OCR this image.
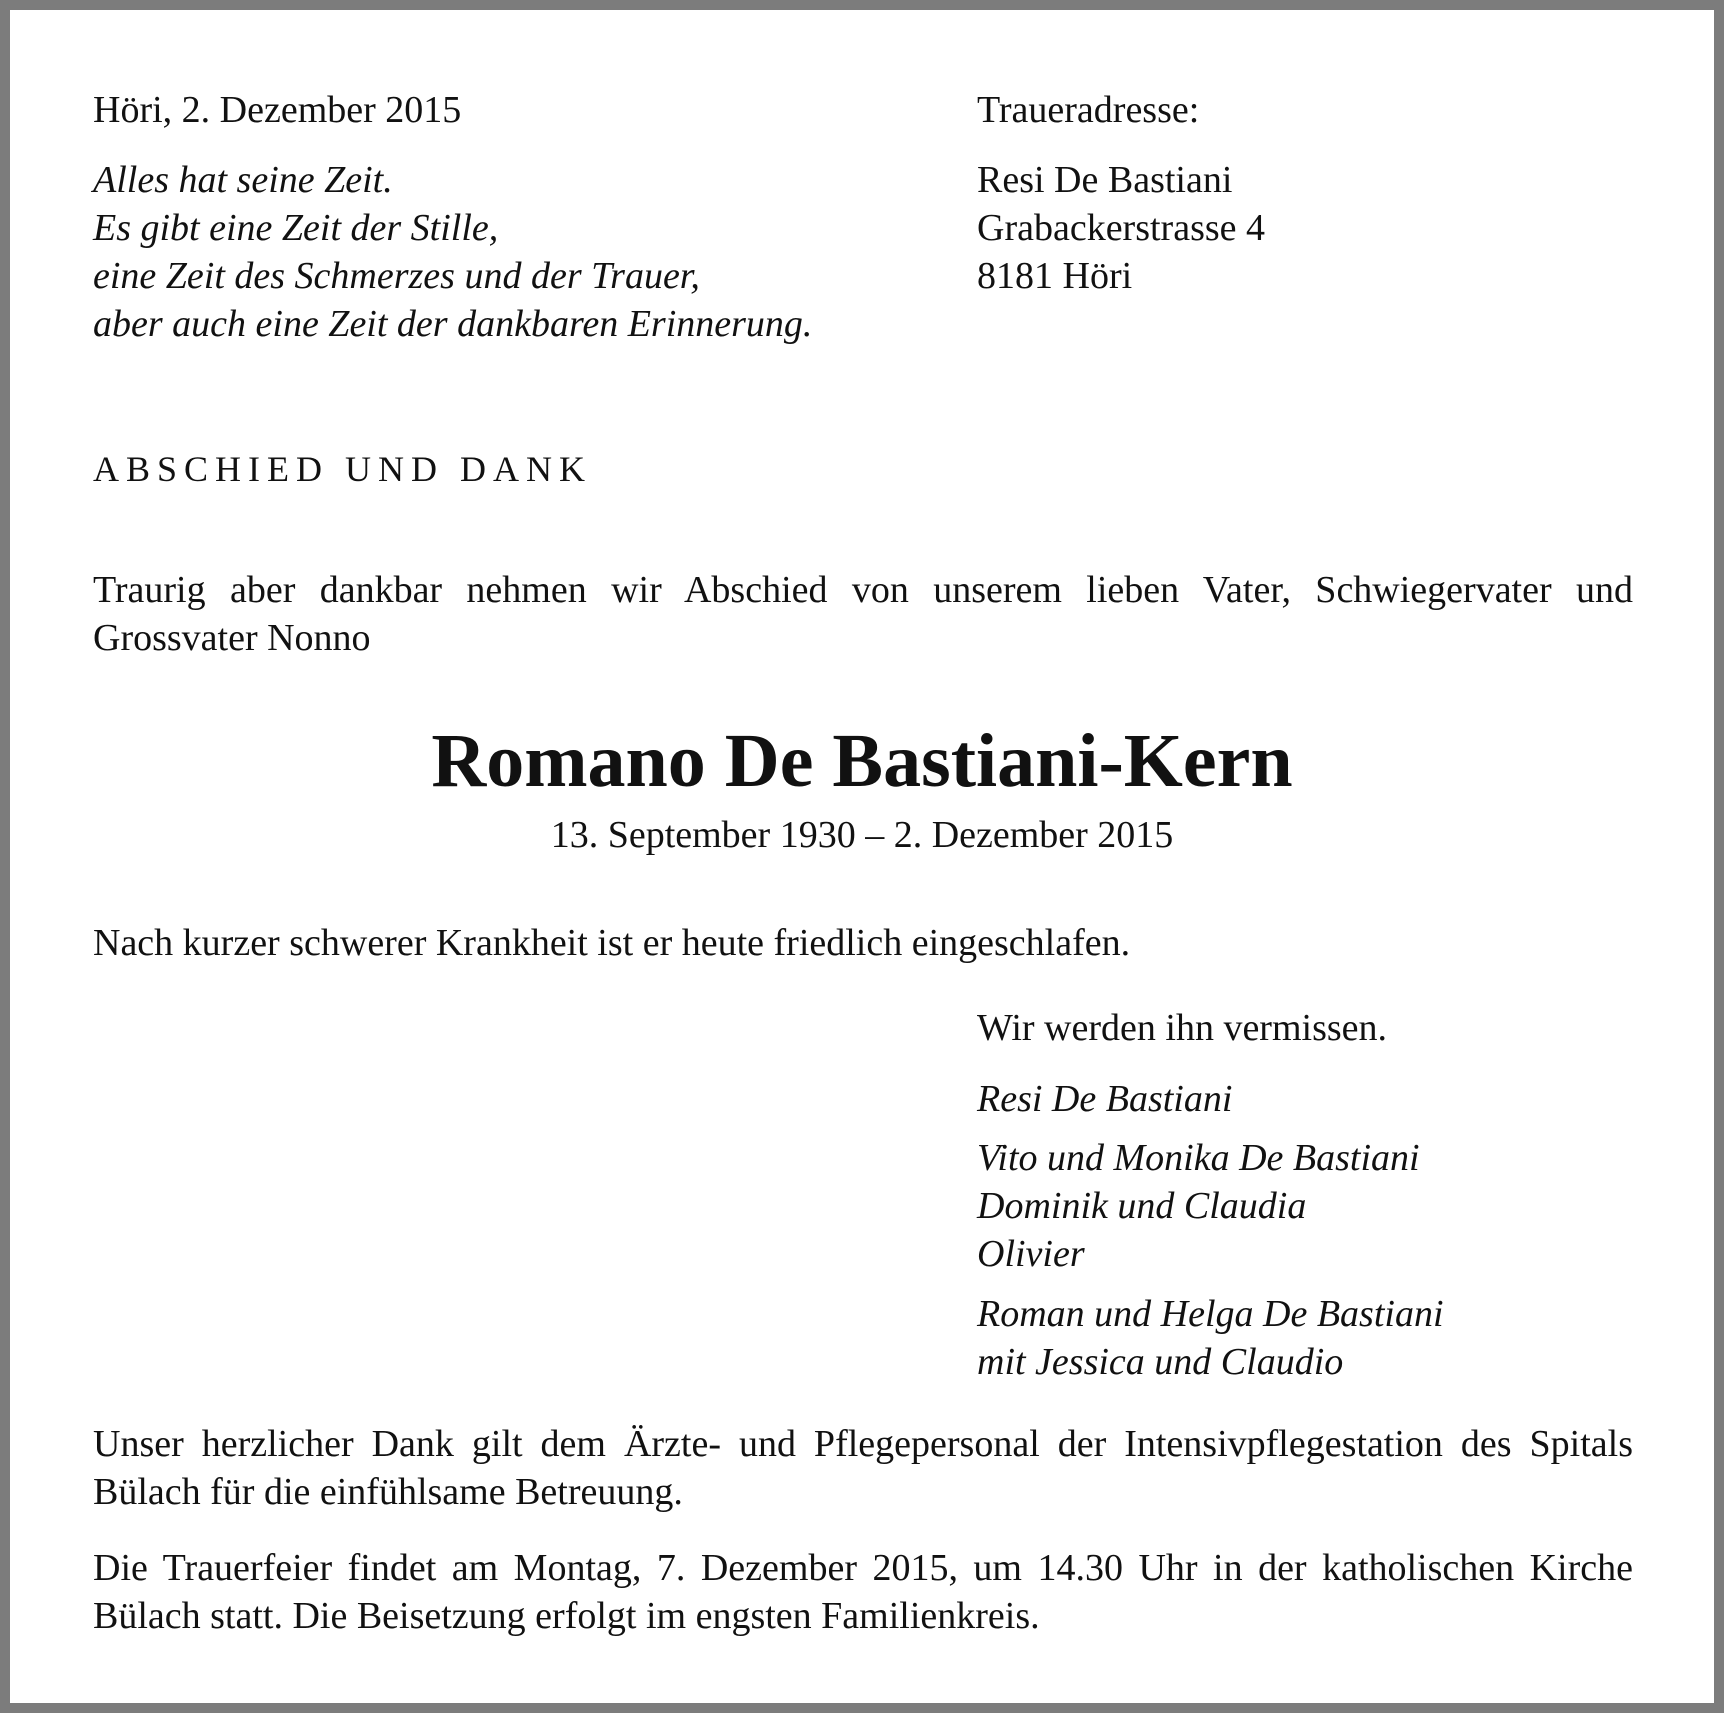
Höri, 2. Dezember 2015	Traueradresse:
Alles hat seine Zeit.
Es gibt eine Zeit der Stille,
eine Zeit des Schmerzes und der Trauer,
aber auch eine Zeit der dankbaren Erinnerung.
Resi De Bastiani
Grabackerstrasse 4
8181 Höri
ABSCHIED UND DANK
Traurig aber dankbar nehmen wir Abschied von unserem lieben Vater, Schwiegervater und Grossvater Nonno
Romano De Bastiani-Kern
13. September 1930 – 2. Dezember 2015
Nach kurzer schwerer Krankheit ist er heute friedlich eingeschlafen.
Wir werden ihn vermissen.
Resi De Bastiani
Vito und Monika De Bastiani
Dominik und Claudia
Olivier
Roman und Helga De Bastiani
mit Jessica und Claudio
Unser herzlicher Dank gilt dem Ärzte- und Pflegepersonal der Intensivpflegestation des Spitals Bülach für die einfühlsame Betreuung.
Die Trauerfeier findet am Montag, 7. Dezember 2015, um 14.30 Uhr in der katholischen Kirche Bülach statt. Die Beisetzung erfolgt im engsten Familienkreis.
